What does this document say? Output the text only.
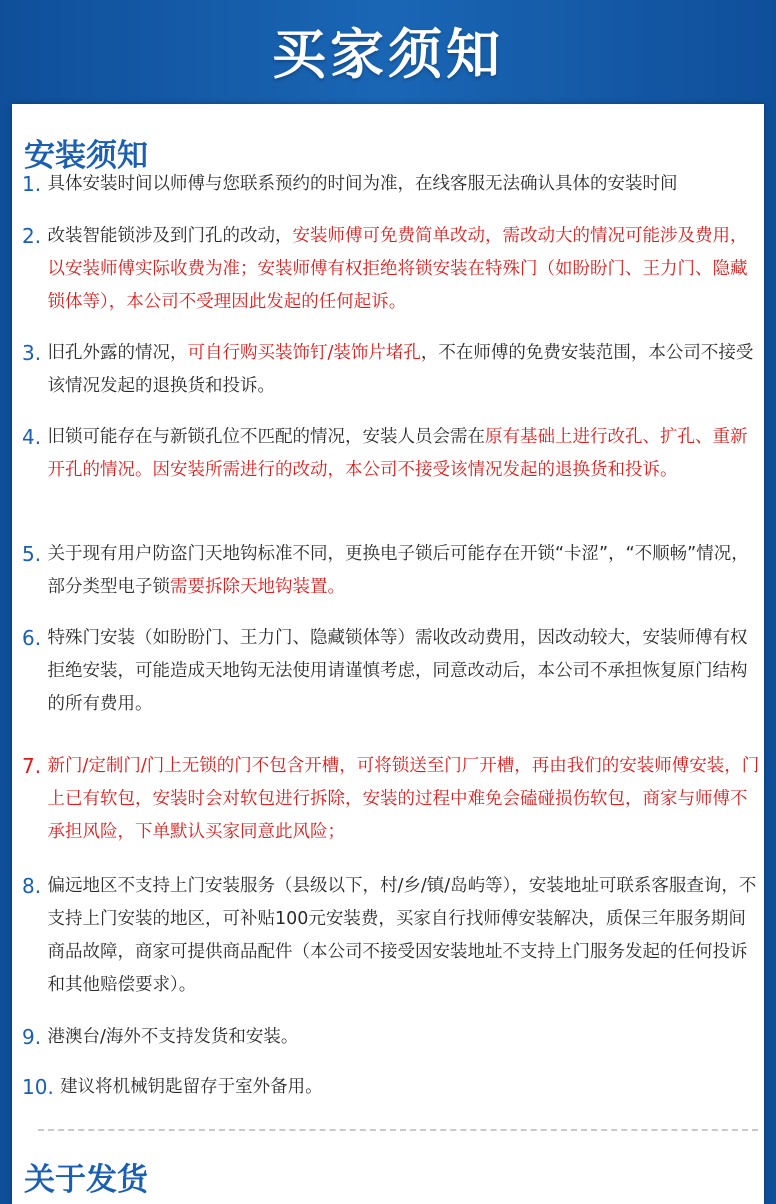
买家须知
安装须知
1. 具体安装时间以师傅与您联系预约的时间为准，在线客服无法确认具体的安装时间
2. 改装智能锁涉及到门孔的改动，安装师傅可免费简单改动，需改动大的情况可能涉及费用，以安装师傅实际收费为准；安装师傅有权拒绝将锁安装在特殊门（如盼盼门、王力门、隐藏锁体等），本公司不受理因此发起的任何起诉。
3. 旧孔外露的情况，可自行购买装饰钉/装饰片堵孔，不在师傅的免费安装范围，本公司不接受该情况发起的退换货和投诉。
4. 旧锁可能存在与新锁孔位不匹配的情况，安装人员会需在原有基础上进行改孔、扩孔、重新开孔的情况。因安装所需进行的改动，本公司不接受该情况发起的退换货和投诉。
5. 关于现有用户防盗门天地钩标准不同，更换电子锁后可能存在开锁“卡涩”，“不顺畅”情况，部分类型电子锁需要拆除天地钩装置。
6. 特殊门安装（如盼盼门、王力门、隐藏锁体等）需收改动费用，因改动较大，安装师傅有权拒绝安装，可能造成天地钩无法使用请谨慎考虑，同意改动后，本公司不承担恢复原门结构的所有费用。
7. 新门/定制门/门上无锁的门不包含开槽，可将锁送至门厂开槽，再由我们的安装师傅安装，门上已有软包，安装时会对软包进行拆除，安装的过程中难免会磕碰损伤软包，商家与师傅不承担风险，下单默认买家同意此风险；
8. 偏远地区不支持上门安装服务（县级以下，村/乡/镇/岛屿等），安装地址可联系客服查询，不支持上门安装的地区，可补贴100元安装费，买家自行找师傅安装解决，质保三年服务期间商品故障，商家可提供商品配件（本公司不接受因安装地址不支持上门服务发起的任何投诉和其他赔偿要求）。
9. 港澳台/海外不支持发货和安装。
10. 建议将机械钥匙留存于室外备用。
关于发货
